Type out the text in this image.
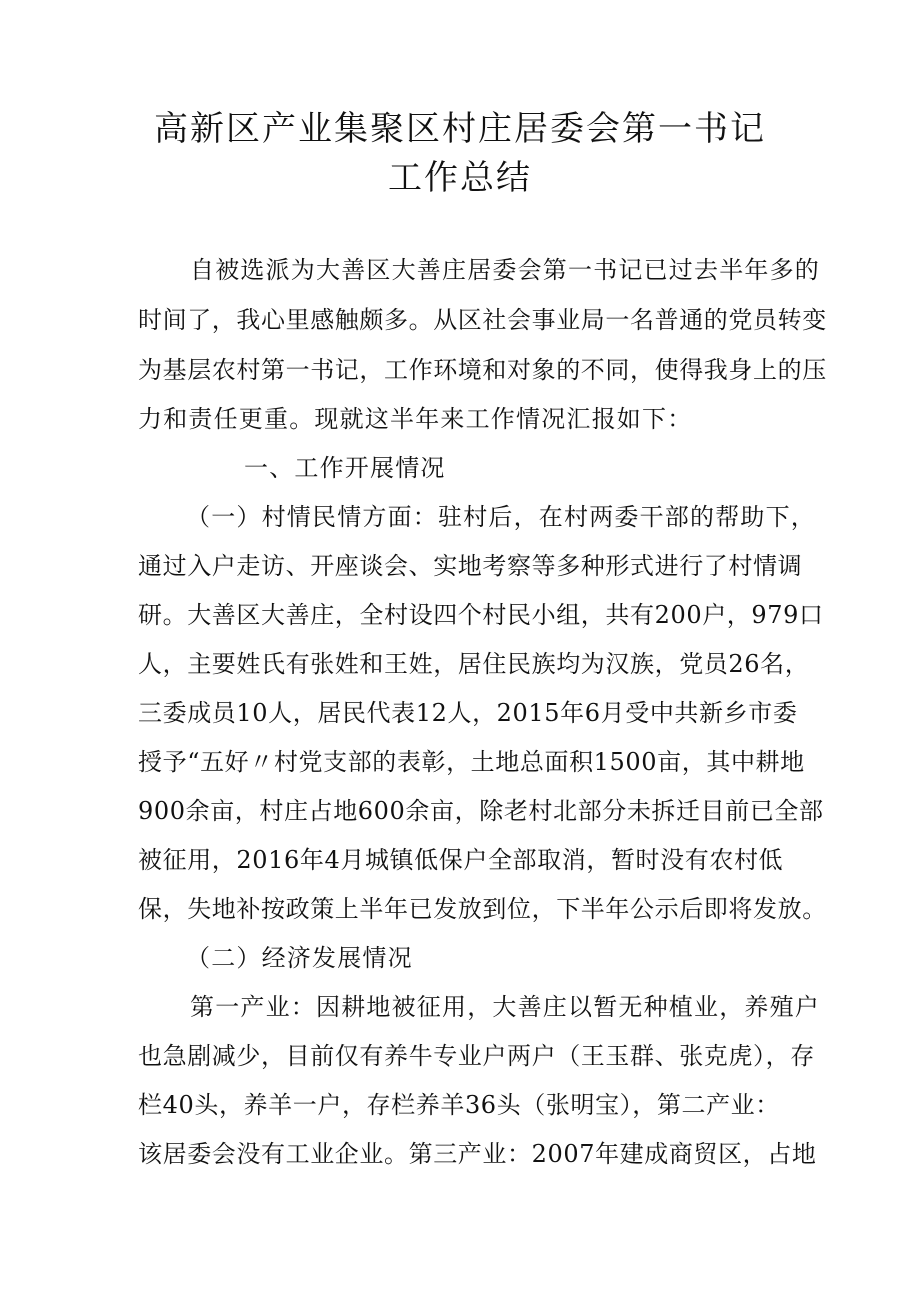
高新区产业集聚区村庄居委会第一书记
工作总结
自被选派为大善区大善庄居委会第一书记已过去半年多的
时间了，我心里感触颇多。从区社会事业局一名普通的党员转变
为基层农村第一书记，工作环境和对象的不同，使得我身上的压
力和责任更重。现就这半年来工作情况汇报如下：
一、工作开展情况
（一）村情民情方面：驻村后，在村两委干部的帮助下，
通过入户走访、开座谈会、实地考察等多种形式进行了村情调
研。大善区大善庄，全村设四个村民小组，共有200户，979口
人，主要姓氏有张姓和王姓，居住民族均为汉族，党员26名，
三委成员10人，居民代表12人，2015年6月受中共新乡市委
授予“五好〃村党支部的表彰，土地总面积1500亩，其中耕地
900余亩，村庄占地600余亩，除老村北部分未拆迁目前已全部
被征用，2016年4月城镇低保户全部取消，暂时没有农村低
保，失地补按政策上半年已发放到位，下半年公示后即将发放。
（二）经济发展情况
第一产业：因耕地被征用，大善庄以暂无种植业，养殖户
也急剧减少，目前仅有养牛专业户两户（王玉群、张克虎），存
栏40头，养羊一户，存栏养羊36头（张明宝），第二产业：
该居委会没有工业企业。第三产业：2007年建成商贸区，占地
